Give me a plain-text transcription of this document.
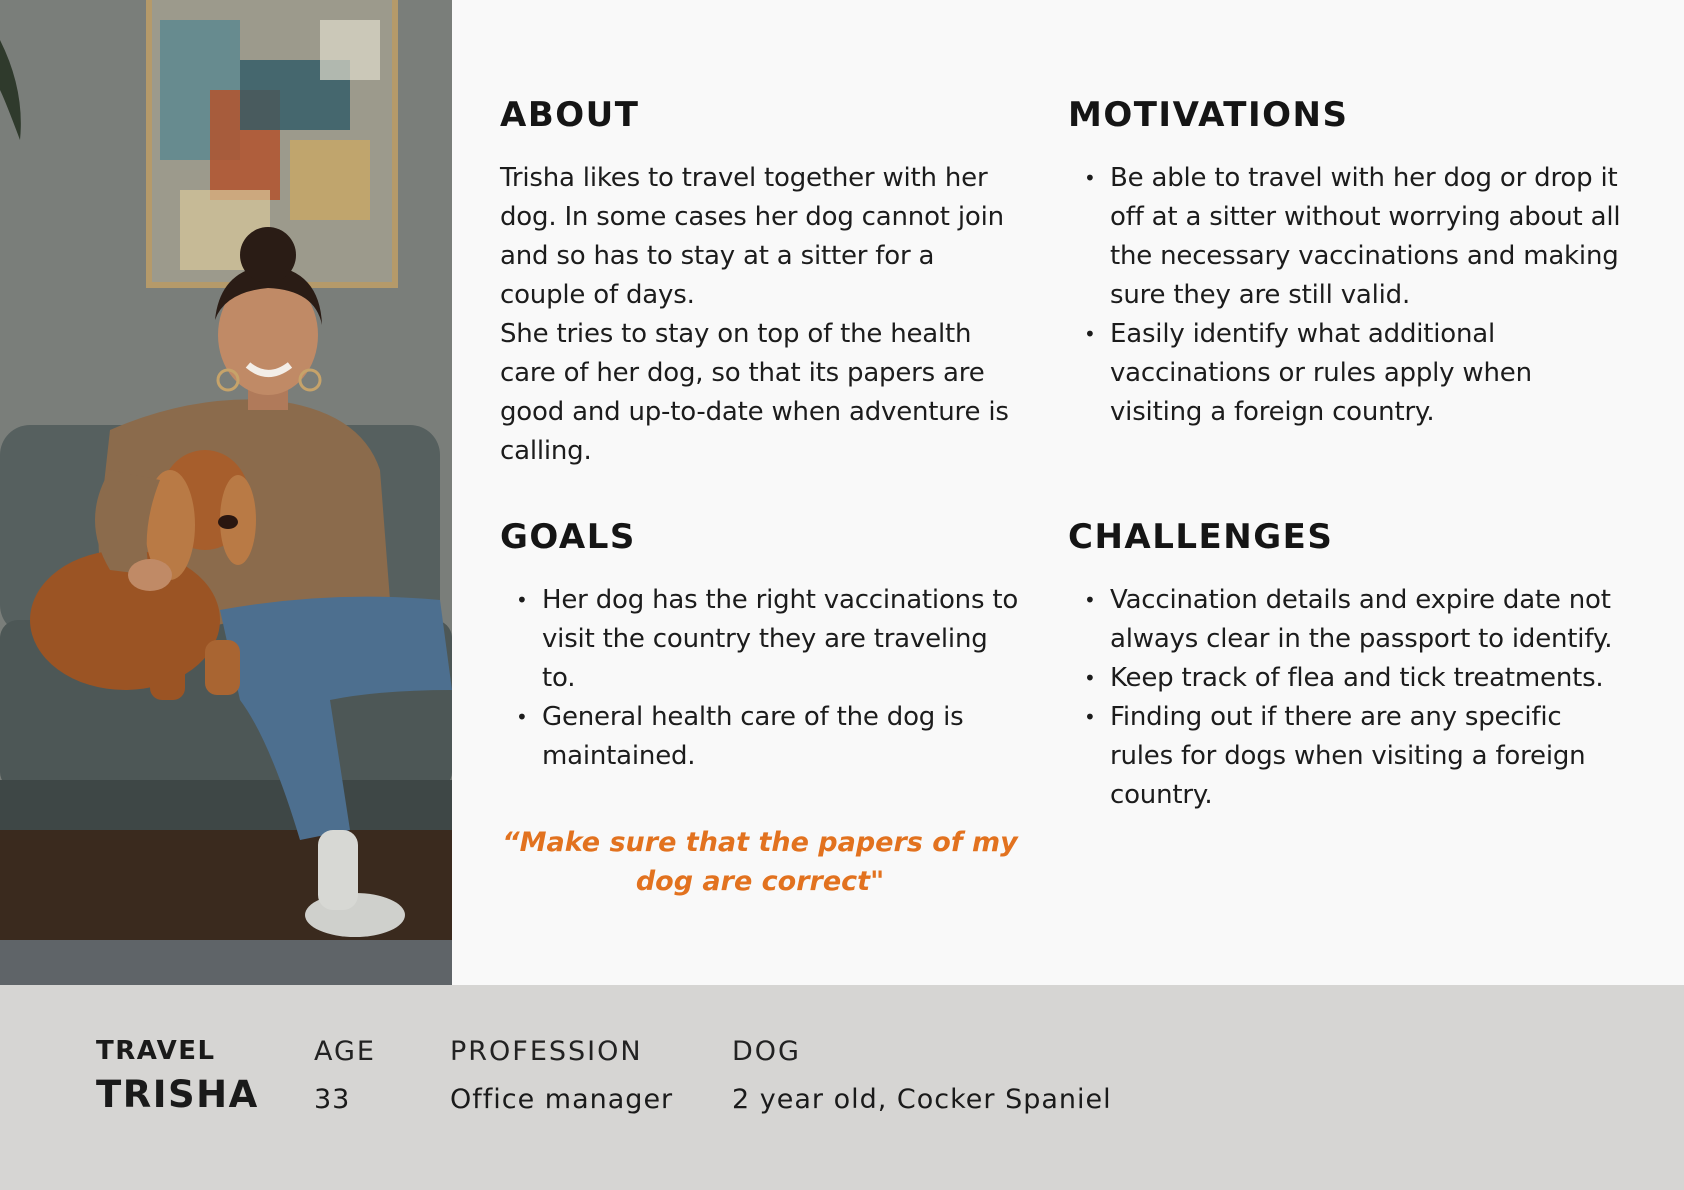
ABOUT

Trisha likes to travel together with her dog. In some cases her dog cannot join and so has to stay at a sitter for a couple of days.

She tries to stay on top of the health care of her dog, so that its papers are good and up-to-date when adventure is calling.

MOTIVATIONS
• Be able to travel with her dog or drop it off at a sitter without worrying about all the necessary vaccinations and making sure they are still valid.
• Easily identify what additional vaccinations or rules apply when visiting a foreign country.
GOALS
• Her dog has the right vaccinations to visit the country they are traveling to.
• General health care of the dog is maintained.
CHALLENGES
• Vaccination details and expire date not always clear in the passport to identify.
• Keep track of flea and tick treatments.
• Finding out if there are any specific rules for dogs when visiting a foreign country.
“Make sure that the papers of my dog are correct"
TRAVEL
TRISHA
AGE
33
PROFESSION
Office manager
DOG
2 year old, Cocker Spaniel
